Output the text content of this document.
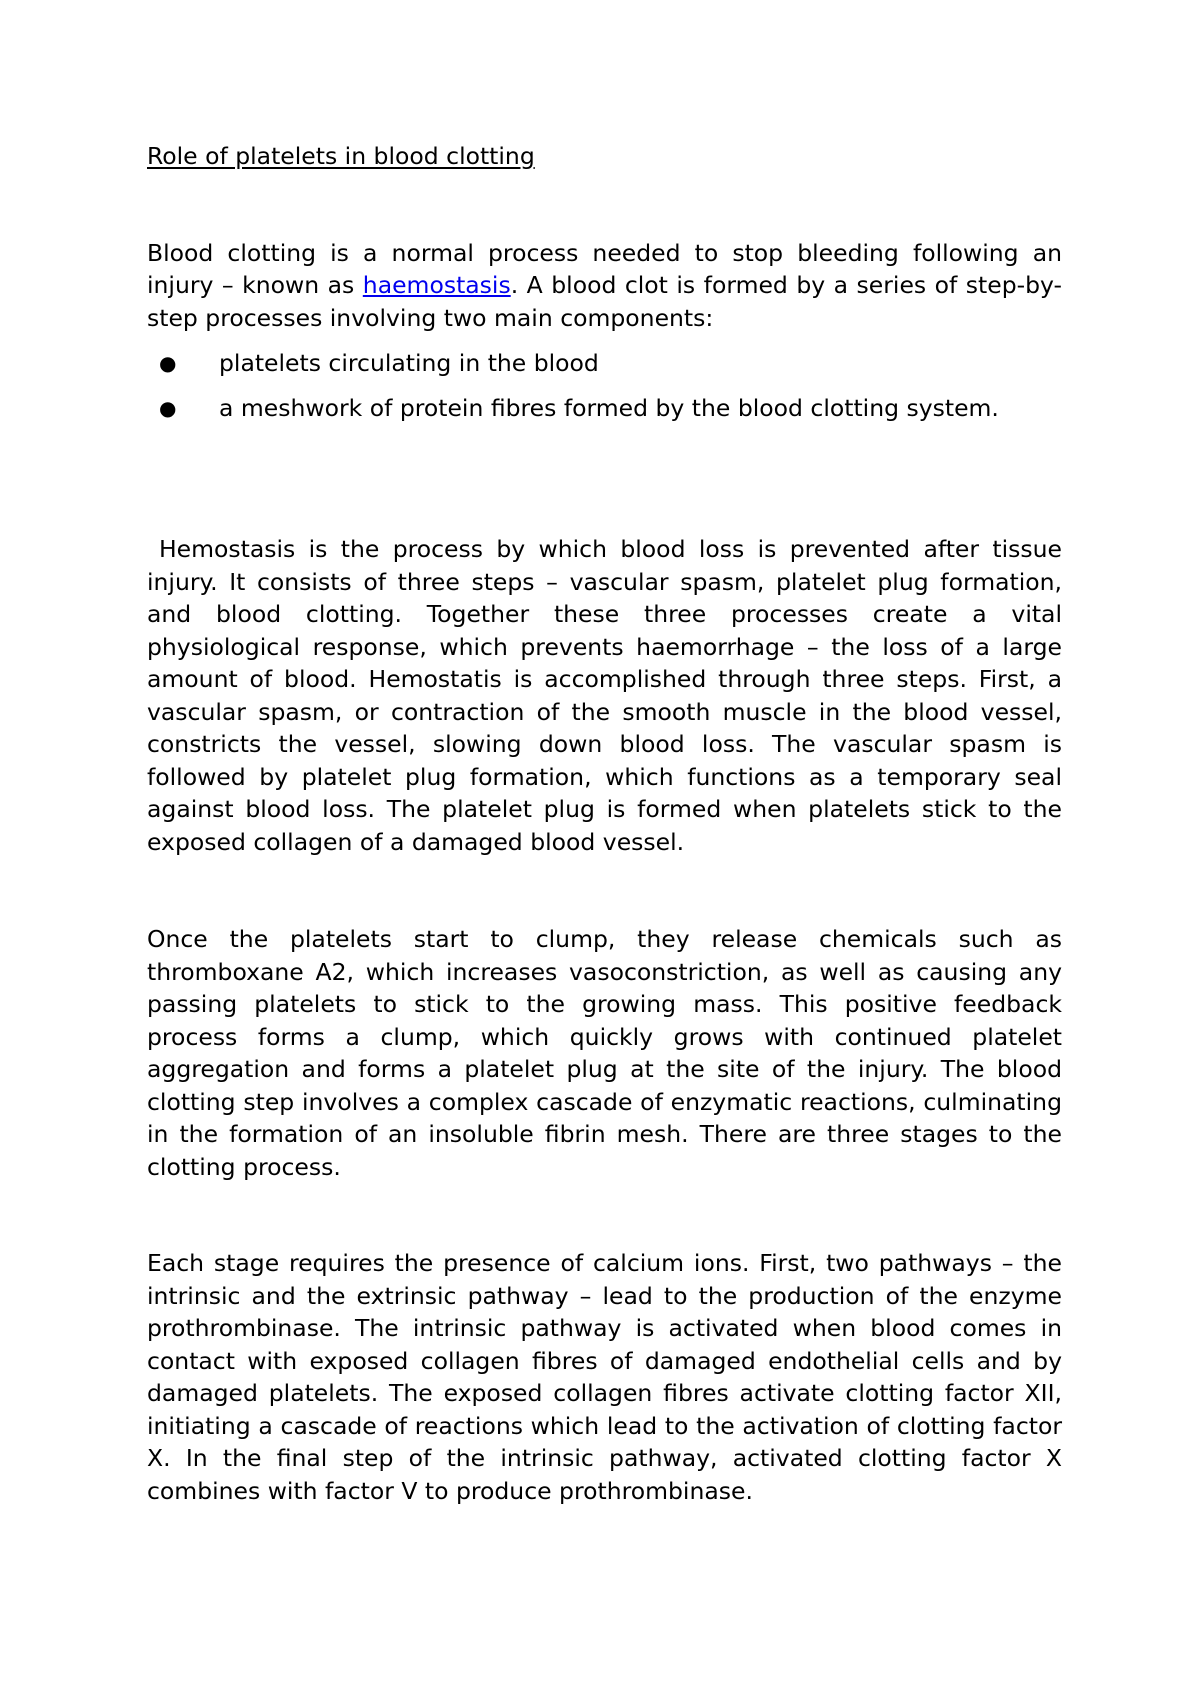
Role of platelets in blood clotting

Blood clotting is a normal process needed to stop bleeding following an injury – known as haemostasis. A blood clot is formed by a series of step-by-step processes involving two main components:

● platelets circulating in the blood
● a meshwork of protein fibres formed by the blood clotting system.

Hemostasis is the process by which blood loss is prevented after tissue injury. It consists of three steps – vascular spasm, platelet plug formation, and blood clotting. Together these three processes create a vital physiological response, which prevents haemorrhage – the loss of a large amount of blood. Hemostatis is accomplished through three steps. First, a vascular spasm, or contraction of the smooth muscle in the blood vessel, constricts the vessel, slowing down blood loss. The vascular spasm is followed by platelet plug formation, which functions as a temporary seal against blood loss. The platelet plug is formed when platelets stick to the exposed collagen of a damaged blood vessel.

Once the platelets start to clump, they release chemicals such as thromboxane A2, which increases vasoconstriction, as well as causing any passing platelets to stick to the growing mass. This positive feedback process forms a clump, which quickly grows with continued platelet aggregation and forms a platelet plug at the site of the injury. The blood clotting step involves a complex cascade of enzymatic reactions, culminating in the formation of an insoluble fibrin mesh. There are three stages to the clotting process.

Each stage requires the presence of calcium ions. First, two pathways – the intrinsic and the extrinsic pathway – lead to the production of the enzyme prothrombinase. The intrinsic pathway is activated when blood comes in contact with exposed collagen fibres of damaged endothelial cells and by damaged platelets. The exposed collagen fibres activate clotting factor XII, initiating a cascade of reactions which lead to the activation of clotting factor X. In the final step of the intrinsic pathway, activated clotting factor X combines with factor V to produce prothrombinase.
